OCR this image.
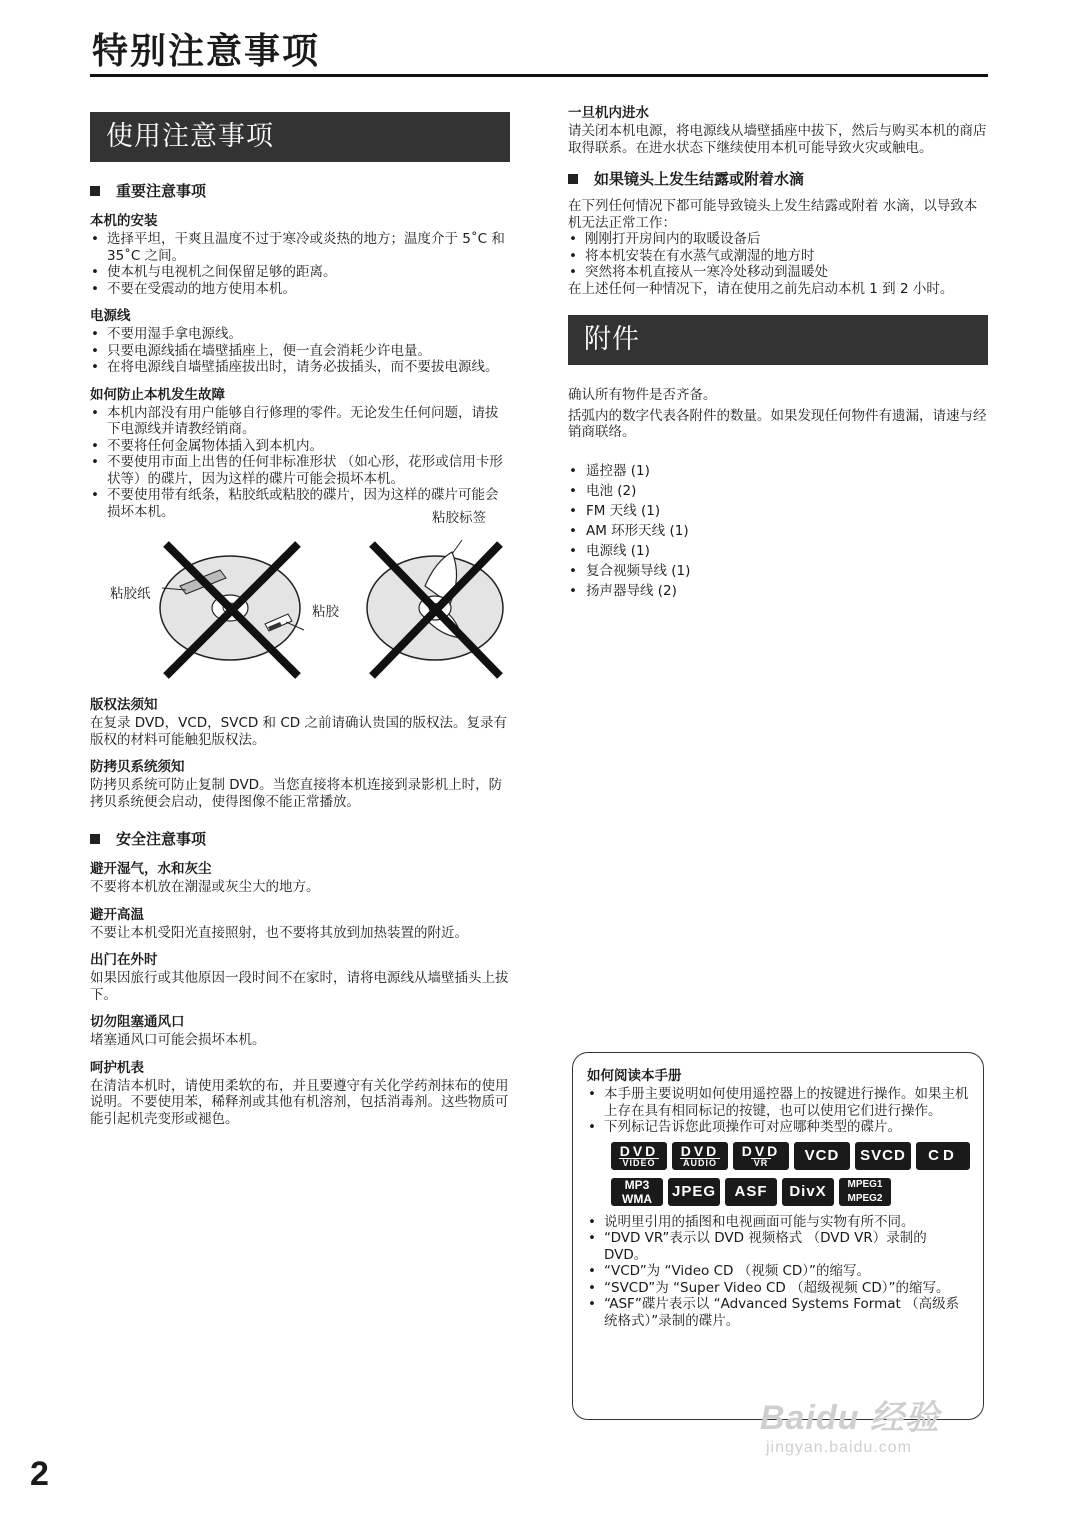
特别注意事项
使用注意事项
重要注意事项
本机的安装
• 选择平坦，干爽且温度不过于寒冷或炎热的地方；温度介于 5˚C 和 35˚C 之间。
• 使本机与电视机之间保留足够的距离。
• 不要在受震动的地方使用本机。
电源线
• 不要用湿手拿电源线。
• 只要电源线插在墙壁插座上，便一直会消耗少许电量。
• 在将电源线自墙壁插座拔出时，请务必拔插头，而不要拔电源线。
如何防止本机发生故障
• 本机内部没有用户能够自行修理的零件。无论发生任何问题，请拔下电源线并请教经销商。
• 不要将任何金属物体插入到本机内。
• 不要使用市面上出售的任何非标准形状 （如心形，花形或信用卡形状等）的碟片，因为这样的碟片可能会损坏本机。
• 不要使用带有纸条，粘胶纸或粘胶的碟片，因为这样的碟片可能会损坏本机。
粘胶纸
粘胶
粘胶标签
版权法须知

在复录 DVD，VCD，SVCD 和 CD 之前请确认贵国的版权法。复录有版权的材料可能触犯版权法。

防拷贝系统须知

防拷贝系统可防止复制 DVD。当您直接将本机连接到录影机上时，防拷贝系统便会启动，使得图像不能正常播放。

安全注意事项
避开湿气，水和灰尘

不要将本机放在潮湿或灰尘大的地方。

避开高温

不要让本机受阳光直接照射，也不要将其放到加热装置的附近。

出门在外时

如果因旅行或其他原因一段时间不在家时，请将电源线从墙壁插头上拔下。

切勿阻塞通风口

堵塞通风口可能会损坏本机。

呵护机表

在清洁本机时，请使用柔软的布，并且要遵守有关化学药剂抹布的使用说明。不要使用苯，稀释剂或其他有机溶剂，包括消毒剂。这些物质可能引起机壳变形或褪色。

一旦机内进水

请关闭本机电源，将电源线从墙壁插座中拔下，然后与购买本机的商店取得联系。在进水状态下继续使用本机可能导致火灾或触电。

如果镜头上发生结露或附着水滴

在下列任何情况下都可能导致镜头上发生结露或附着 水滴，以导致本机无法正常工作：

• 刚刚打开房间内的取暖设备后
• 将本机安装在有水蒸气或潮湿的地方时
• 突然将本机直接从一寒冷处移动到温暖处

在上述任何一种情况下，请在使用之前先启动本机 1 到 2 小时。

附件

确认所有物件是否齐备。

括弧内的数字代表各附件的数量。如果发现任何物件有遗漏，请速与经销商联络。

• 遥控器 (1)
• 电池 (2)
• FM 天线 (1)
• AM 环形天线 (1)
• 电源线 (1)
• 复合视频导线 (1)
• 扬声器导线 (2)
如何阅读本手册
• 本手册主要说明如何使用遥控器上的按键进行操作。如果主机上存在具有相同标记的按键，也可以使用它们进行操作。
• 下列标记告诉您此项操作可对应哪种类型的碟片。
DVD
VIDEO
DVD
AUDIO
DVD
VR VCD SVCD CD
MP3
WMA JPEG ASF DivX MPEG1
MPEG2
• 说明里引用的插图和电视画面可能与实物有所不同。
• “DVD VR”表示以 DVD 视频格式 （DVD VR）录制的 DVD。
• “VCD”为 “Video CD （视频 CD）”的缩写。
• “SVCD”为 “Super Video CD （超级视频 CD）”的缩写。
• “ASF”碟片表示以 “Advanced Systems Format （高级系统格式）”录制的碟片。
Baidu 经验
jingyan.baidu.com
2
